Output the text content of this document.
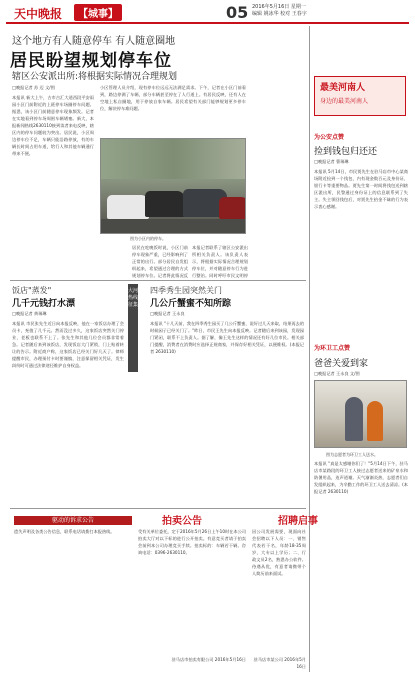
天中晚报	【城事】	05 2016年5月16日 星期一
编辑 姚冰华 校对 王春宇
这个地方有人随意停车 有人随意圈地
居民盼望规划停车位
辖区公安派出所:将根据实际情况合理规划
□晚报记者 苏 迈 文/图
本报讯 新大上午，古市吉汇大道西段平安雨园小区门前附近的上班停车场圈停车问题。据悉，该小区门前随意停车现象频发。记者在实地看到停车场周围车辆堵塞。新大，本报新闻热线2630110接到读者来电反映，辖区内的停车问题较为突出。居民说，小区周边停车位不足，车辆只能沿路停放，有的车辆长时间占用车道，给行人和其他车辆通行带来不便。
小区管理人员介绍，现有停车位远远无法满足需求。下午，记者在小区门前看到，路边停满了车辆，部分车辆甚至停在了人行道上。有居民反映，还有人在空地上私自圈地，用于停放自家车辆。居民希望有关部门能够规划更多停车位，解决停车难问题。
图为小区内的停车。
居民在吃晚饭时说，小区门前停车现象严重，已经影响到了正常的出行。部分居民自发组织起来，希望通过合理的方式规划停车位。记者将此情况反
本报记者联系了辖区公安派出所相关负责人。该负责人表示，将根据实际情况合理规划停车位，并对随意停车行为进行整治。同时呼吁市民文明停
饭店"蒸发"
几千元钱打水漂
□晚报记者 黄瑞琳
本报讯 市民张先生近日向本报反映，他在一家饭店办理了会员卡，充值了几千元。然而没过多久，这家饭店突然关门停业，老板也联系不上了。张先生和其他几位会员都非常着急。记者随后来到该饭店，发现饭店大门紧锁，门上贴着转让的告示。附近商户称，这家饭店已经关门好几天了。律师提醒市民，办理预付卡时要谨慎，注意保留相关凭证，发生纠纷时可通过法律途径维护自身权益。
大河 热线 征集
四季秀生园突然关门
几公斤蟹蜜不知所踪
□晚报记者 王永良
本报讯 "十几天前，我在四季秀生园买了几公斤蟹蜜，说好过几天来取，结果再去的时候园子已经关门了。"昨日，市民王先生向本报反映。记者随后来到该园，发现园门紧闭，联系不上负责人。据了解，像王先生这样的情况还有好几位市民。相关部门提醒，消费者在消费时应选择正规商家，并保存好相关凭证，以便维权。(本报记者 2630110)
驱动的诉求公告
遗失声明及各类公告信息，联系电话请拨打本报热线。
拍卖公告
受有关单位委托，定于2016年5月26日上午10时在本公司拍卖大厅对以下标的进行公开拍卖。有意竞买者请于拍卖会前到本公司办理竞买手续。拍卖标的：车辆若干辆。咨询电话：0396-2630110。
驻马店市拍卖有限公司 2016年5月16日
招聘启事
因公司发展需要，现面向社会招聘以下人员：一、销售代表若干名，年龄18-35周岁，大专以上学历；二、行政文员2名，熟悉办公软件。待遇从优，有意者请携带个人简历前来面试。
驻马店市某公司 2016年5月16日
最美河南人
身边的最美河南人
为公安点赞
捡到钱包归还还
□晚报记者 曹瑞琳
本报讯 5月14日，市民贾先生在驻马店市中心某商场附近捡到一个钱包，内有现金数百元及身份证、银行卡等重要物品。贾先生第一时间将钱包送到辖区派出所，民警通过身份证上的信息联系到了失主。失主领回钱包后，对贾先生拾金不昧的行为表示衷心感谢。
为环卫工点赞
爸爸关爱到家
□晚报记者 王永良 文/图
图为志愿者为环卫工人送水。
本报讯 "真是太感谢你们了！"5月14日下午，驻马店市某路段的环卫工人接过志愿者送来的矿泉水和防暑用品，连声道谢。天气渐渐炎热，志愿者们自发组织起来，为辛勤工作的环卫工人送去清凉。(本报记者 2630110)
